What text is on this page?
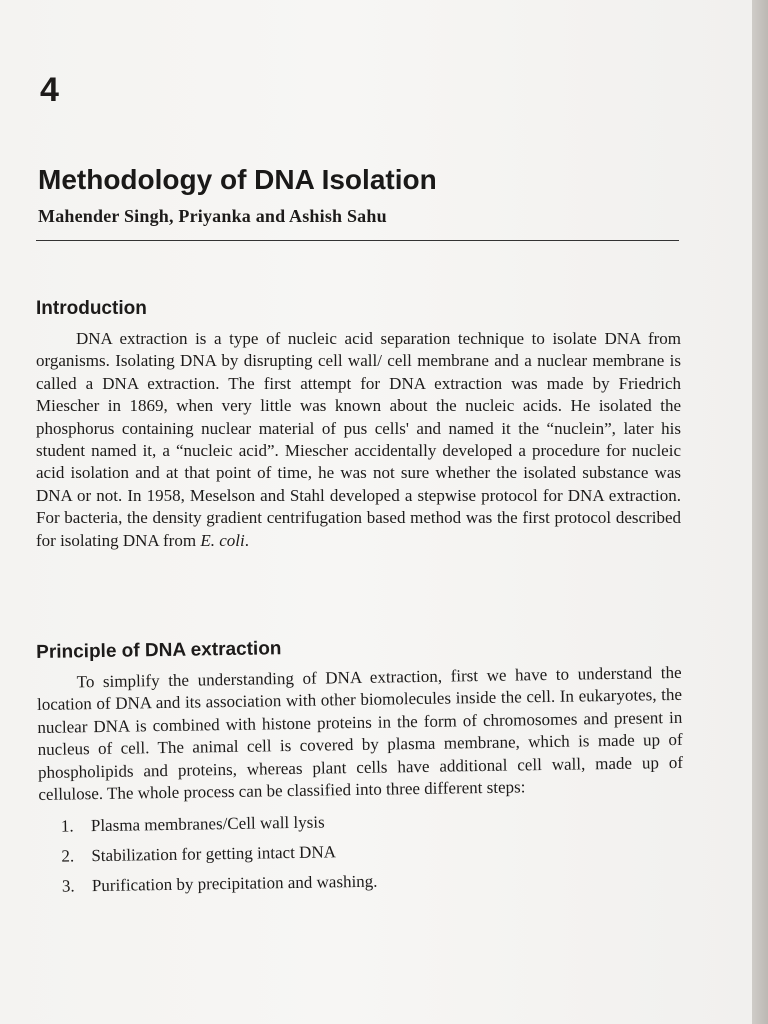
4
Methodology of DNA Isolation
Mahender Singh, Priyanka and Ashish Sahu
Introduction

DNA extraction is a type of nucleic acid separation technique to isolate DNA from organisms. Isolating DNA by disrupting cell wall/ cell membrane and a nuclear membrane is called a DNA extraction. The first attempt for DNA extraction was made by Friedrich Miescher in 1869, when very little was known about the nucleic acids. He isolated the phosphorus containing nuclear material of pus cells' and named it the “nuclein”, later his student named it, a “nucleic acid”. Miescher accidentally developed a procedure for nucleic acid isolation and at that point of time, he was not sure whether the isolated substance was DNA or not. In 1958, Meselson and Stahl developed a stepwise protocol for DNA extraction. For bacteria, the density gradient centrifugation based method was the first protocol described for isolating DNA from E. coli.

Principle of DNA extraction

To simplify the understanding of DNA extraction, first we have to understand the location of DNA and its association with other biomolecules inside the cell. In eukaryotes, the nuclear DNA is combined with histone proteins in the form of chromosomes and present in nucleus of cell. The animal cell is covered by plasma membrane, which is made up of phospholipids and proteins, whereas plant cells have additional cell wall, made up of cellulose. The whole process can be classified into three different steps:

1. Plasma membranes/Cell wall lysis
2. Stabilization for getting intact DNA
3. Purification by precipitation and washing.
